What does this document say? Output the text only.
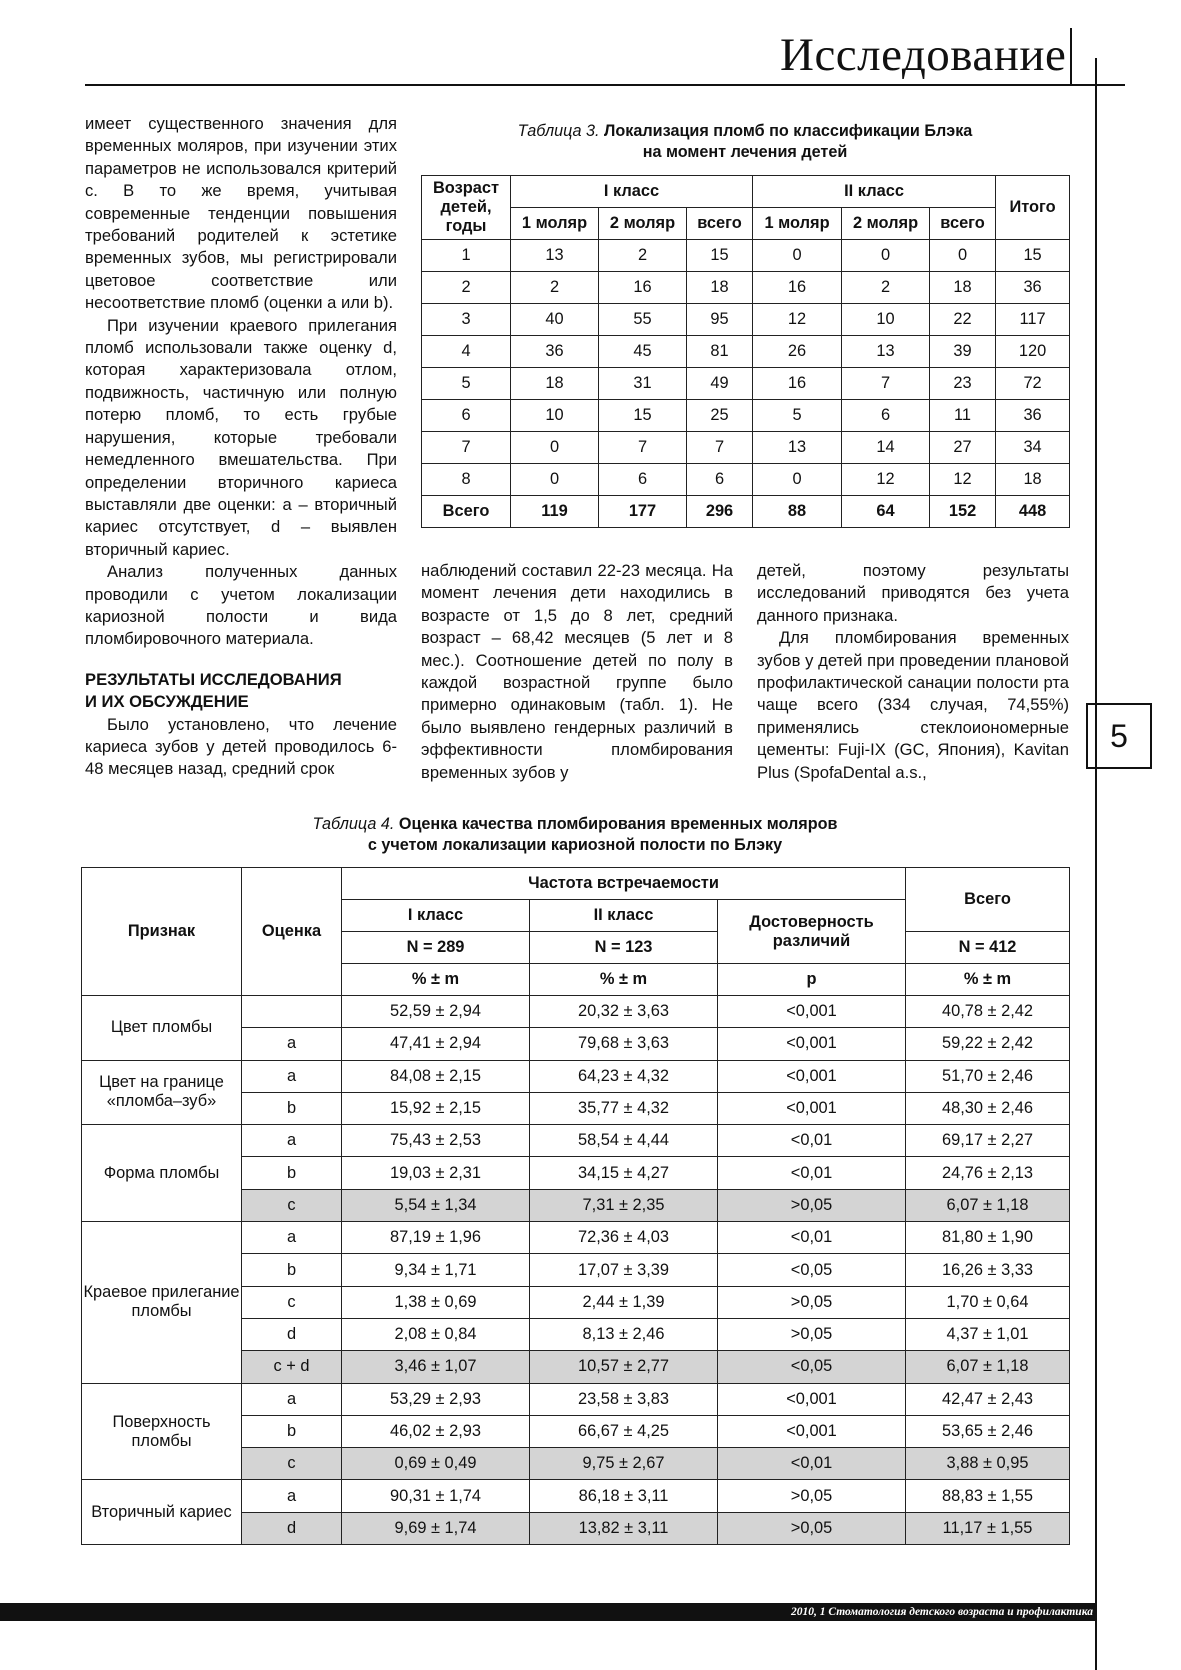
Исследование
5

имеет существенного значения для временных моляров, при изучении этих параметров не использовался критерий c. В то же время, учитывая современные тенденции повышения требований родителей к эстетике временных зубов, мы регистрировали цветовое соответствие или несоответствие пломб (оценки a или b).

При изучении краевого прилегания пломб использовали также оценку d, которая характеризовала отлом, подвижность, частичную или полную потерю пломб, то есть грубые нарушения, которые требовали немедленного вмешательства. При определении вторичного кариеса выставляли две оценки: a – вторичный кариес отсутствует, d – выявлен вторичный кариес.

Анализ полученных данных проводили с учетом локализации кариозной полости и вида пломбировочного материала.

РЕЗУЛЬТАТЫ ИССЛЕДОВАНИЯ
И ИХ ОБСУЖДЕНИЕ

Было установлено, что лечение кариеса зубов у детей проводилось 6-48 месяцев назад, средний срок

наблюдений составил 22-23 месяца. На момент лечения дети находились в возрасте от 1,5 до 8 лет, средний возраст – 68,42 месяцев (5 лет и 8 мес.). Соотношение детей по полу в каждой возрастной группе было примерно одинаковым (табл. 1). Не было выявлено гендерных различий в эффективности пломбирования временных зубов у

детей, поэтому результаты исследований приводятся без учета данного признака.

Для пломбирования временных зубов у детей при проведении плановой профилактической санации полости рта чаще всего (334 случая, 74,55%) применялись стеклоиономерные цементы: Fuji-IX (GC, Япония), Kavitan Plus (SpofaDental a.s.,

Таблица 3. Локализация пломб по классификации Блэка
на момент лечения детей
Возраст детей, годы	I класс			II класс			Итого
	1 моляр	2 моляр	всего	1 моляр	2 моляр	всего	
1	13	2	15	0	0	0	15
2	2	16	18	16	2	18	36
3	40	55	95	12	10	22	117
4	36	45	81	26	13	39	120
5	18	31	49	16	7	23	72
6	10	15	25	5	6	11	36
7	0	7	7	13	14	27	34
8	0	6	6	0	12	12	18
Всего	119	177	296	88	64	152	448
Таблица 4. Оценка качества пломбирования временных моляров
с учетом локализации кариозной полости по Блэку
Признак	Оценка	Частота встречаемости			Всего
		I класс	II класс	Достоверность различий	
		N = 289	N = 123		N = 412
		% ± m	% ± m	p	% ± m
Цвет пломбы		52,59 ± 2,94	20,32 ± 3,63	<0,001	40,78 ± 2,42
	a	47,41 ± 2,94	79,68 ± 3,63	<0,001	59,22 ± 2,42
Цвет на границе «пломба–зуб»	a	84,08 ± 2,15	64,23 ± 4,32	<0,001	51,70 ± 2,46
	b	15,92 ± 2,15	35,77 ± 4,32	<0,001	48,30 ± 2,46
Форма пломбы	a	75,43 ± 2,53	58,54 ± 4,44	<0,01	69,17 ± 2,27
	b	19,03 ± 2,31	34,15 ± 4,27	<0,01	24,76 ± 2,13
	c	5,54 ± 1,34	7,31 ± 2,35	>0,05	6,07 ± 1,18
Краевое прилегание пломбы	a	87,19 ± 1,96	72,36 ± 4,03	<0,01	81,80 ± 1,90
	b	9,34 ± 1,71	17,07 ± 3,39	<0,05	16,26 ± 3,33
	c	1,38 ± 0,69	2,44 ± 1,39	>0,05	1,70 ± 0,64
	d	2,08 ± 0,84	8,13 ± 2,46	>0,05	4,37 ± 1,01
	c + d	3,46 ± 1,07	10,57 ± 2,77	<0,05	6,07 ± 1,18
Поверхность пломбы	a	53,29 ± 2,93	23,58 ± 3,83	<0,001	42,47 ± 2,43
	b	46,02 ± 2,93	66,67 ± 4,25	<0,001	53,65 ± 2,46
	c	0,69 ± 0,49	9,75 ± 2,67	<0,01	3,88 ± 0,95
Вторичный кариес	a	90,31 ± 1,74	86,18 ± 3,11	>0,05	88,83 ± 1,55
	d	9,69 ± 1,74	13,82 ± 3,11	>0,05	11,17 ± 1,55
2010, 1 Стоматология детского возраста и профилактика
